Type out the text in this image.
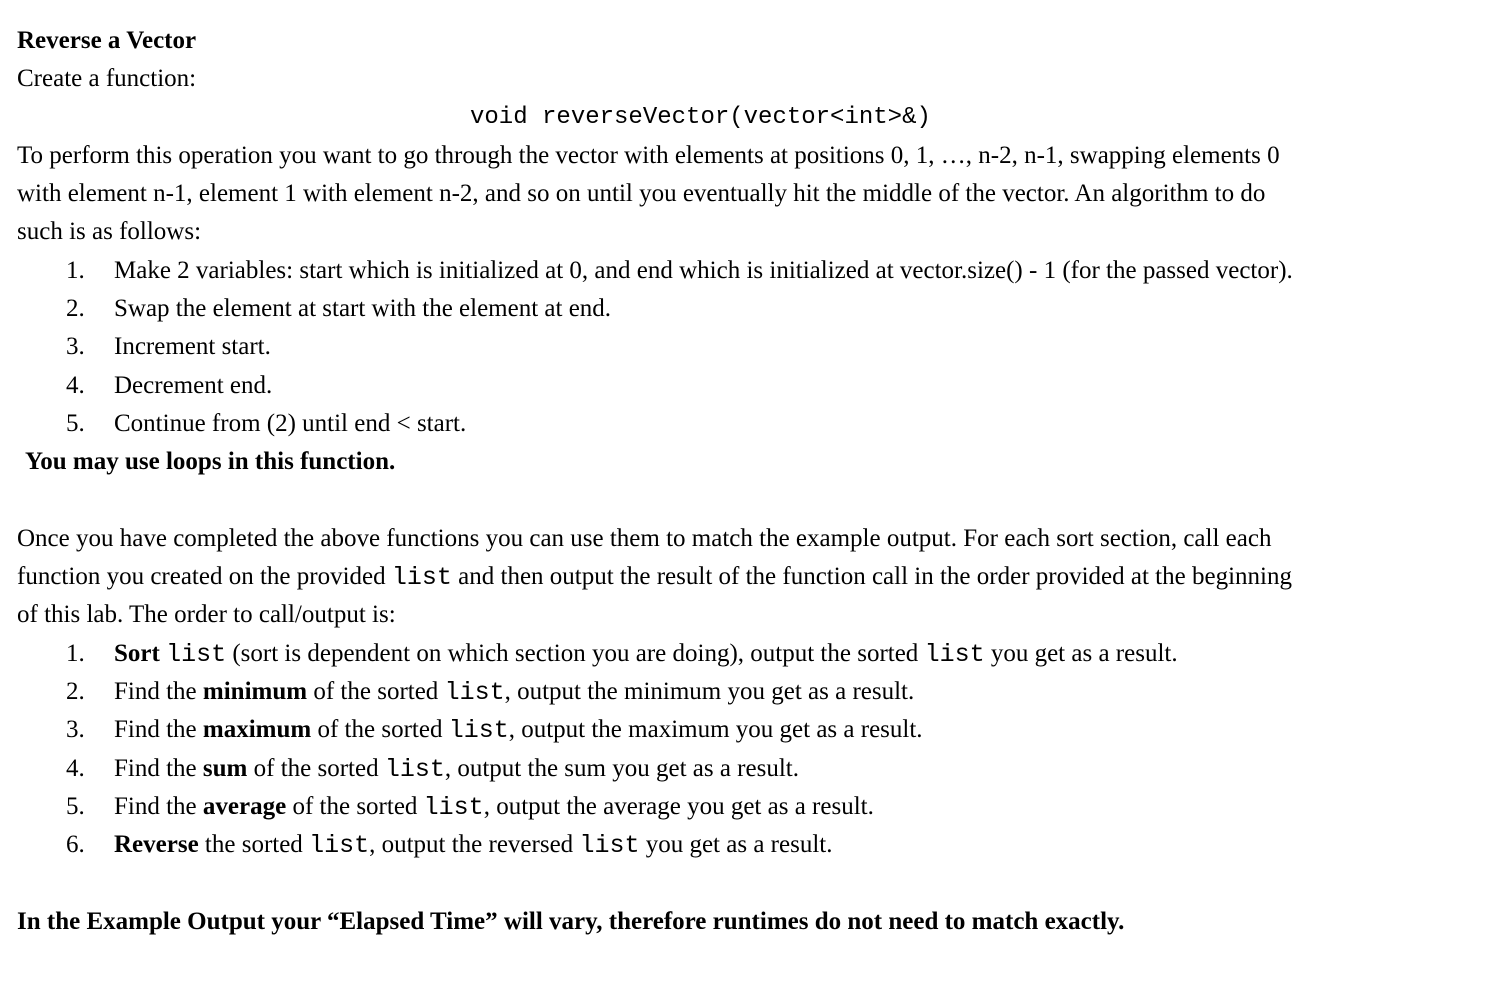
Reverse a Vector
Create a function:
void reverseVector(vector<int>&)
To perform this operation you want to go through the vector with elements at positions 0, 1, …, n-2, n-1, swapping elements 0
with element n-1, element 1 with element n-2, and so on until you eventually hit the middle of the vector. An algorithm to do
such is as follows:
1. Make 2 variables: start which is initialized at 0, and end which is initialized at vector.size() - 1 (for the passed vector).
2. Swap the element at start with the element at end.
3. Increment start.
4. Decrement end.
5. Continue from (2) until end < start.
You may use loops in this function.
Once you have completed the above functions you can use them to match the example output. For each sort section, call each
function you created on the provided list and then output the result of the function call in the order provided at the beginning
of this lab. The order to call/output is:
1. Sort list (sort is dependent on which section you are doing), output the sorted list you get as a result.
2. Find the minimum of the sorted list, output the minimum you get as a result.
3. Find the maximum of the sorted list, output the maximum you get as a result.
4. Find the sum of the sorted list, output the sum you get as a result.
5. Find the average of the sorted list, output the average you get as a result.
6. Reverse the sorted list, output the reversed list you get as a result.
In the Example Output your “Elapsed Time” will vary, therefore runtimes do not need to match exactly.
